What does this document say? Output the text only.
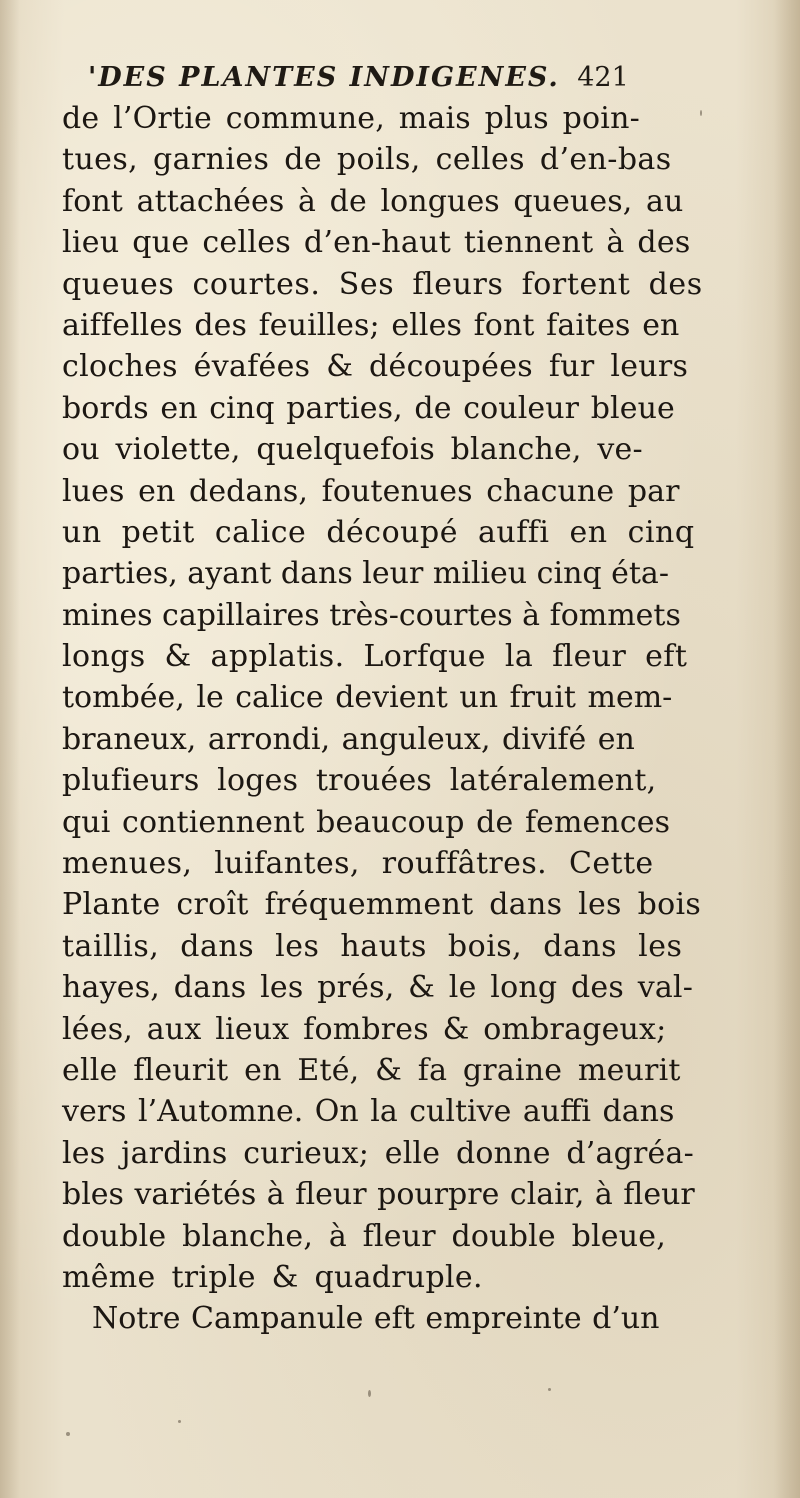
'DES PLANTES INDIGENES. 421
de l’Ortie commune, mais plus poin-
tues, garnies de poils, celles d’en-bas
font attachées à de longues queues, au
lieu que celles d’en-haut tiennent à des
queues courtes. Ses fleurs fortent des
aiffelles des feuilles; elles font faites en
cloches évafées & découpées fur leurs
bords en cinq parties, de couleur bleue
ou violette, quelquefois blanche, ve-
lues en dedans, foutenues chacune par
un petit calice découpé auffi en cinq
parties, ayant dans leur milieu cinq éta-
mines capillaires très-courtes à fommets
longs & applatis. Lorfque la fleur eft
tombée, le calice devient un fruit mem-
braneux, arrondi, anguleux, divifé en
plufieurs loges trouées latéralement,
qui contiennent beaucoup de femences
menues, luifantes, rouffâtres. Cette
Plante croît fréquemment dans les bois
taillis, dans les hauts bois, dans les
hayes, dans les prés, & le long des val-
lées, aux lieux fombres & ombrageux;
elle fleurit en Eté, & fa graine meurit
vers l’Automne. On la cultive auffi dans
les jardins curieux; elle donne d’agréa-
bles variétés à fleur pourpre clair, à fleur
double blanche, à fleur double bleue,
même triple & quadruple.
Notre Campanule eft empreinte d’un
